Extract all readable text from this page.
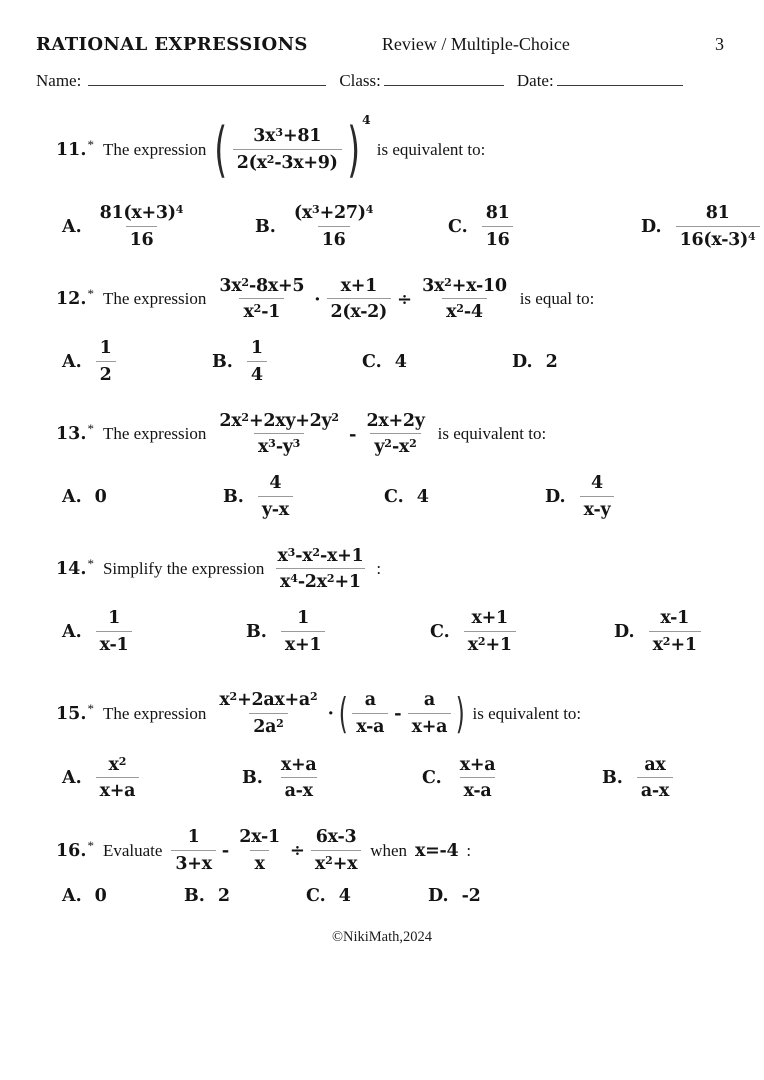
RATIONAL EXPRESSIONS	Review / Multiple-Choice	3
Name:	Class:	Date:
11. * The expression ( $\frac{3x^3+81}{2(x^2-3x+9)}$ ) 4
is equivalent to:
A. $\frac{81(x+3)^4}{16}$	B. $\frac{(x^3+27)^4}{16}$	C. $\frac{81}{16}$	D. $\frac{81}{16(x-3)^4}$
12. * The expression $\frac{3x^2-8x+5}{x^2-1} \cdot \frac{x+1}{2(x-2)} \div \frac{3x^2+x-10}{x^2-4}$ is equal to:
A. $\frac{1}{2}$	B. $\frac{1}{4}$	C. 4	D. 2
13. * The expression $\frac{2x^2+2xy+2y^2}{x^3-y^3} - \frac{2x+2y}{y^2-x^2}$ is equivalent to:
A. 0	B. $\frac{4}{y-x}$	C. 4	D. $\frac{4}{x-y}$
14. * Simplify the expression $\frac{x^3-x^2-x+1}{x^4-2x^2+1}$ :
A. $\frac{1}{x-1}$	B. $\frac{1}{x+1}$	C. $\frac{x+1}{x^2+1}$	D. $\frac{x-1}{x^2+1}$
15. * The expression $\frac{x^2+2ax+a^2}{2a^2}$ · ( $\frac{a}{x-a} - \frac{a}{x+a}$ ) is equivalent to:
A. $\frac{x^2}{x+a}$	B. $\frac{x+a}{a-x}$	C. $\frac{x+a}{x-a}$	B. $\frac{ax}{a-x}$
16. * Evaluate $\frac{1}{3+x} - \frac{2x-1}{x} \div \frac{6x-3}{x^2+x}$ when x=-4 :
A. 0	B. 2	C. 4	D. -2
©NikiMath,2024
